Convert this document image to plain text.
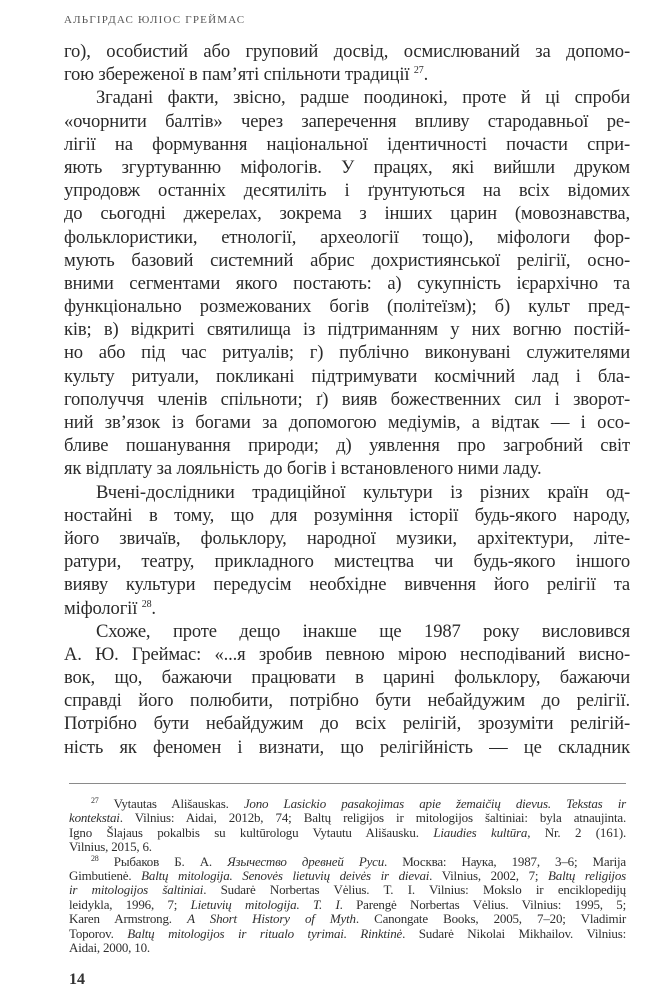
АЛЬГІРДАС ЮЛІОС ГРЕЙМАС
го), особистий або груповий досвід, осмислюваний за допомо-
гою збереженої в пам’яті спільноти традиції $^{27}$.
Згадані факти, звісно, радше поодинокі, проте й ці спроби
«очорнити балтів» через заперечення впливу стародавньої ре-
лігії на формування національної ідентичності почасти спри-
яють згуртуванню міфологів. У працях, які вийшли друком
упродовж останніх десятиліть і ґрунтуються на всіх відомих
до сьогодні джерелах, зокрема з інших царин (мовознавства,
фольклористики, етнології, археології тощо), міфологи фор-
мують базовий системний абрис дохристиянської релігії, осно-
вними сегментами якого постають: а) сукупність ієрархічно та
функціонально розмежованих богів (політеїзм); б) культ пред-
ків; в) відкриті святилища із підтриманням у них вогню постій-
но або під час ритуалів; г) публічно виконувані служителями
культу ритуали, покликані підтримувати космічний лад і бла-
гополуччя членів спільноти; ґ) вияв божественних сил і зворот-
ний зв’язок із богами за допомогою медіумів, а відтак — і осо-
бливе пошанування природи; д) уявлення про загробний світ
як відплату за лояльність до богів і встановленого ними ладу.
Вчені-дослідники традиційної культури із різних країн од-
ностайні в тому, що для розуміння історії будь-якого народу,
його звичаїв, фольклору, народної музики, архітектури, літе-
ратури, театру, прикладного мистецтва чи будь-якого іншого
вияву культури передусім необхідне вивчення його релігії та
міфології $^{28}$.
Схоже, проте дещо інакше ще 1987 року висловився
А. Ю. Греймас: «...я зробив певною мірою несподіваний висно-
вок, що, бажаючи працювати в царині фольклору, бажаючи
справді його полюбити, потрібно бути небайдужим до релігії.
Потрібно бути небайдужим до всіх релігій, зрозуміти релігій-
ність як феномен і визнати, що релігійність — це складник
$^{27}$ Vytautas Ališauskas. Jono Lasickio pasakojimas apie žemaičių dievus. Tekstas ir
kontekstai. Vilnius: Aidai, 2012b, 74; Baltų religijos ir mitologijos šaltiniai: byla atnaujinta.
Igno Šlajaus pokalbis su kultūrologu Vytautu Ališausku. Liaudies kultūra, Nr. 2 (161).
Vilnius, 2015, 6.
$^{28}$ Рыбаков Б. А. Язычество древней Руси. Москва: Наука, 1987, 3–6; Marija
Gimbutienė. Baltų mitologija. Senovės lietuvių deivės ir dievai. Vilnius, 2002, 7; Baltų religijos
ir mitologijos šaltiniai. Sudarė Norbertas Vėlius. T. I. Vilnius: Mokslo ir enciklopedijų
leidykla, 1996, 7; Lietuvių mitologija. T. I. Parengė Norbertas Vėlius. Vilnius: 1995, 5;
Karen Armstrong. A Short History of Myth. Canongate Books, 2005, 7–20; Vladimir
Toporov. Baltų mitologijos ir ritualo tyrimai. Rinktinė. Sudarė Nikolai Mikhailov. Vilnius:
Aidai, 2000, 10.
14
